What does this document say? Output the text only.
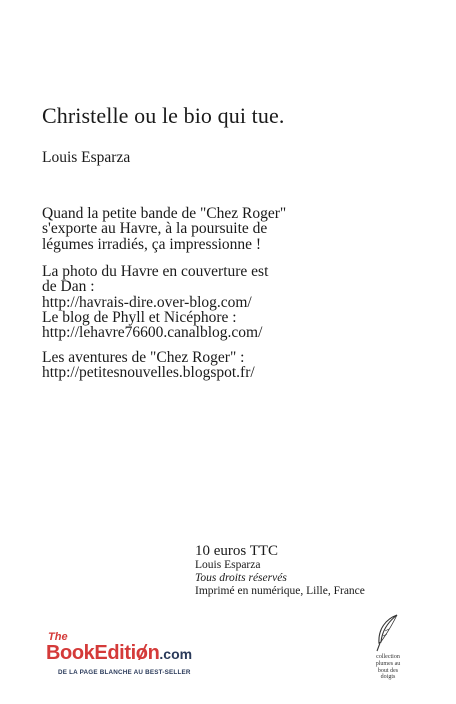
Christelle ou le bio qui tue.
Louis Esparza
Quand la petite bande de "Chez Roger"
s'exporte au Havre, à la poursuite de
légumes irradiés, ça impressionne !
La photo du Havre en couverture est
de Dan :
http://havrais-dire.over-blog.com/
Le blog de Phyll et Nicéphore :
http://lehavre76600.canalblog.com/
Les aventures de "Chez Roger" :
http://petitesnouvelles.blogspot.fr/
10 euros TTC
Louis Esparza
Tous droits réservés
Imprimé en numérique, Lille, France
The
BookEditio
n.com
DE LA PAGE BLANCHE AU BEST-SELLER
collection
plumes au
bout des
doigts
